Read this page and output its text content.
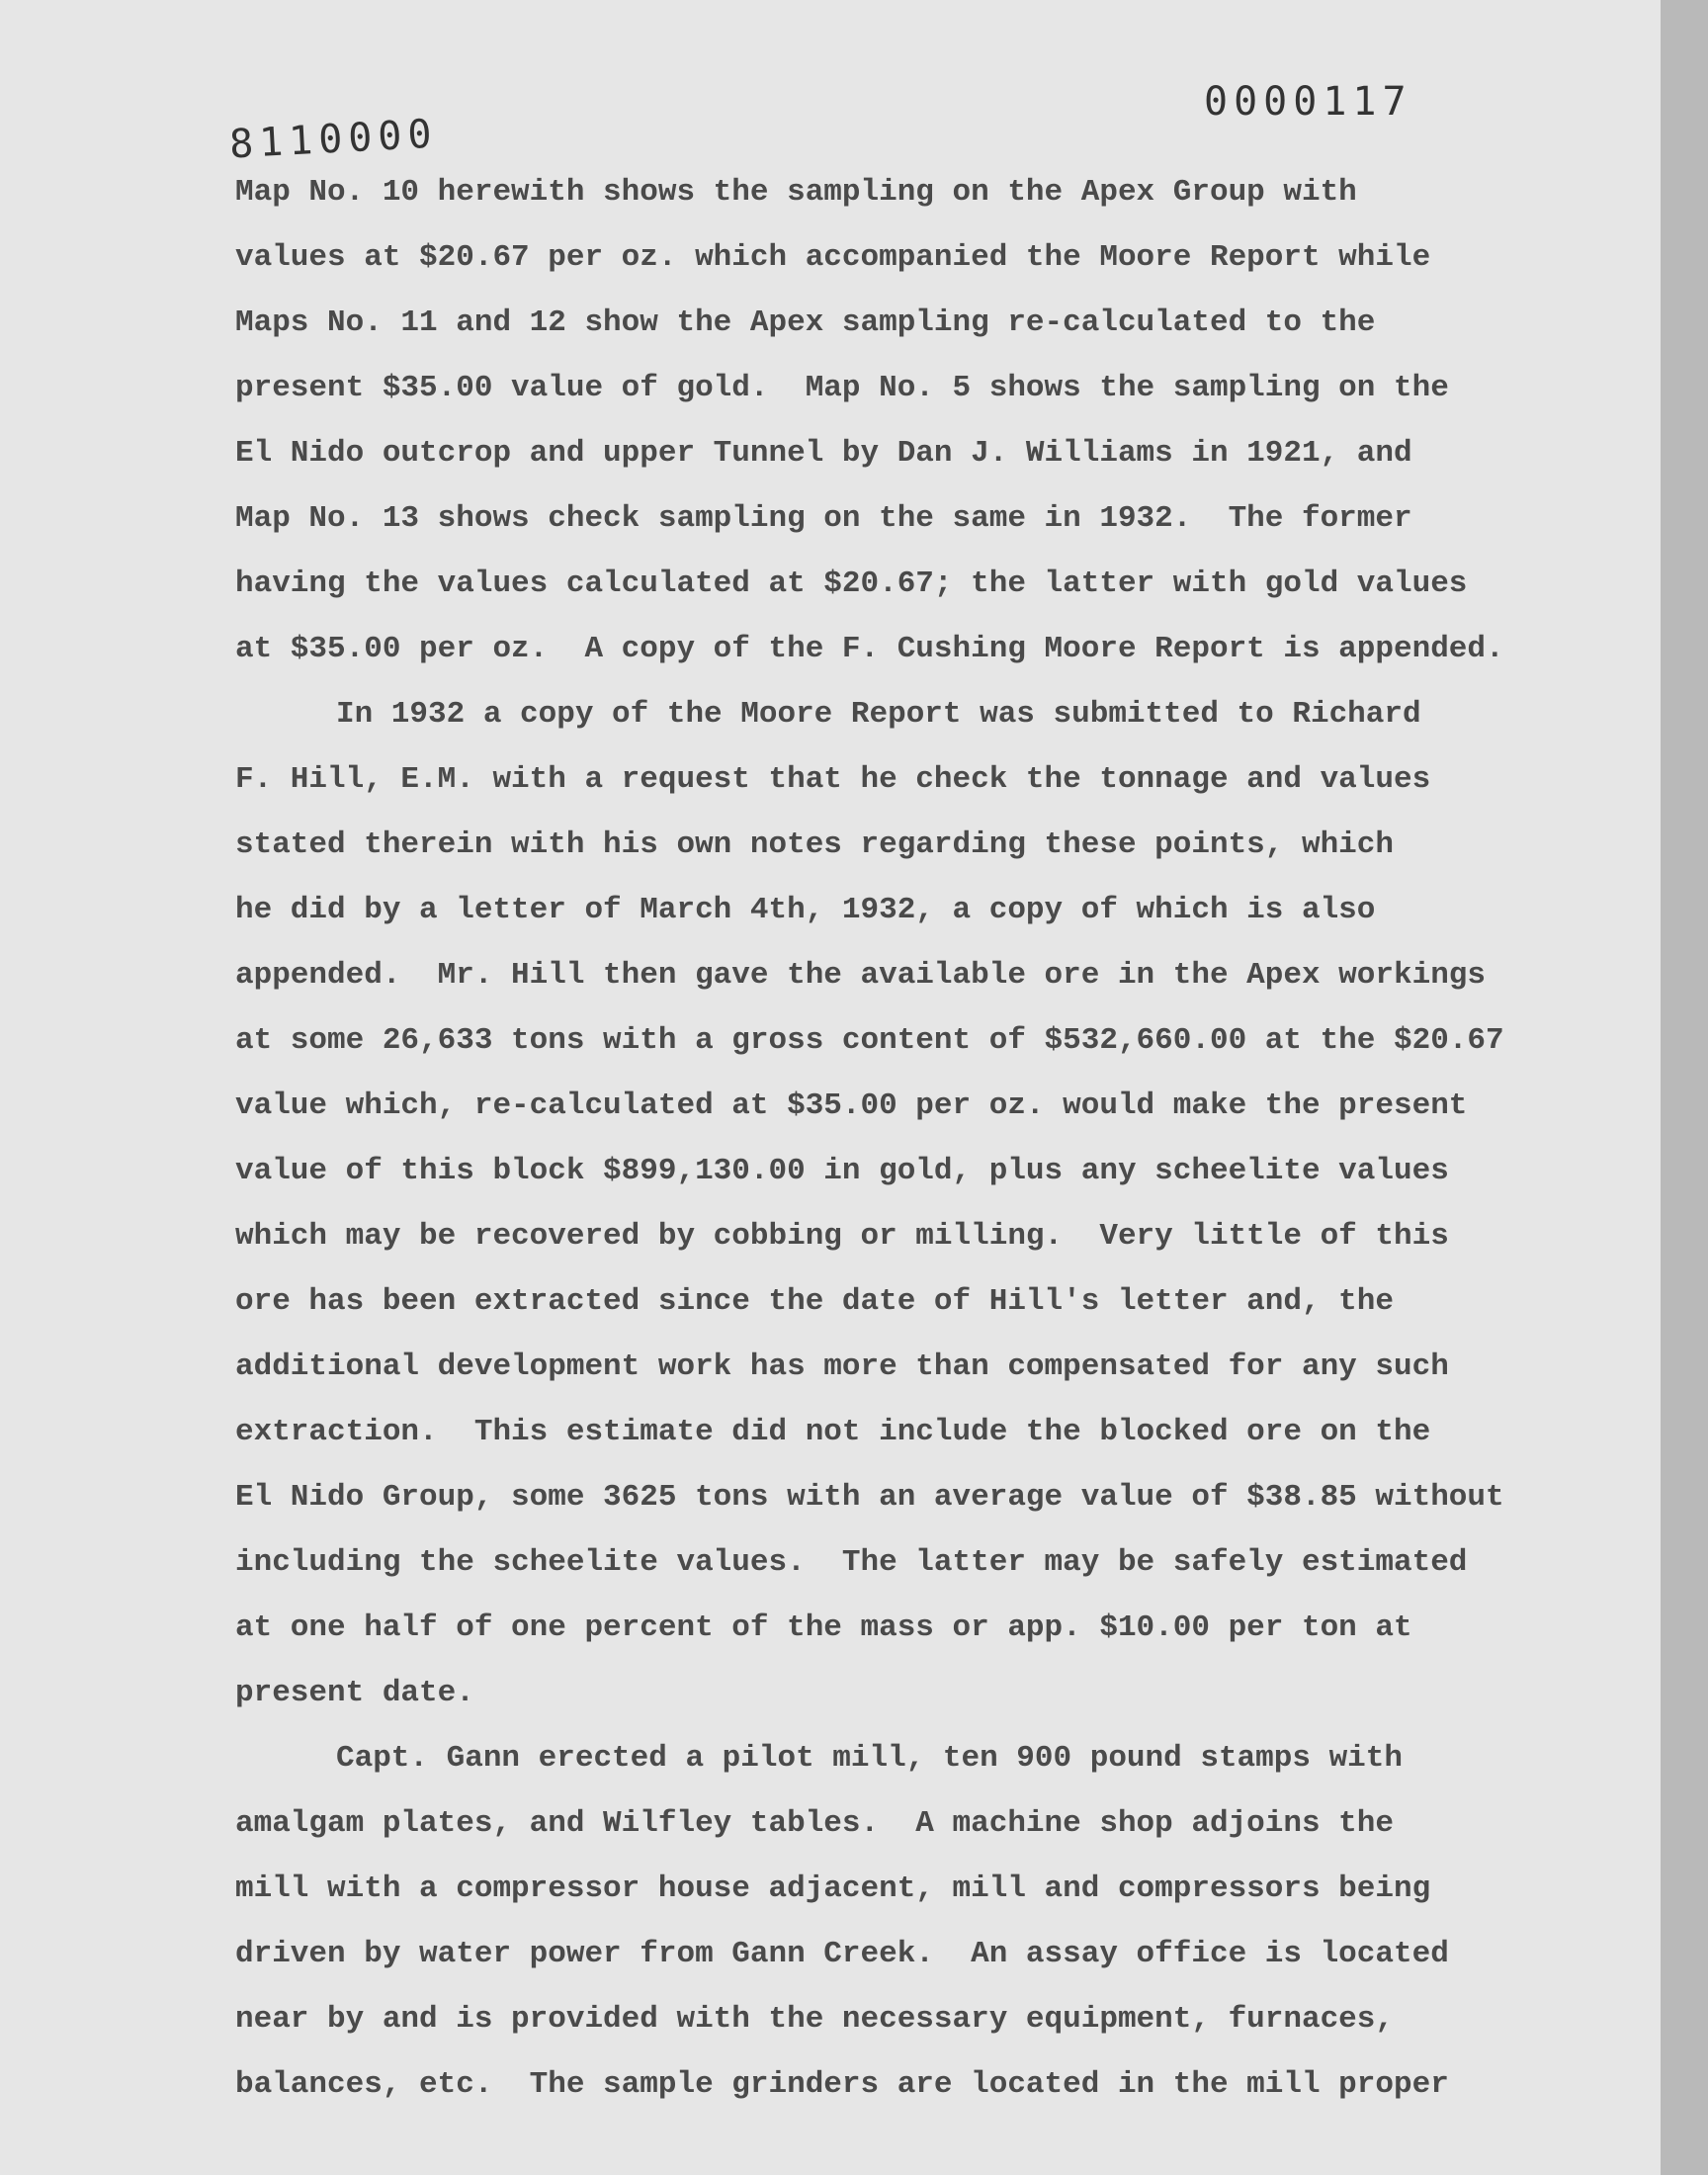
8110000
0000117
Map No. 10 herewith shows the sampling on the Apex Group with
values at $20.67 per oz. which accompanied the Moore Report while
Maps No. 11 and 12 show the Apex sampling re-calculated to the
present $35.00 value of gold.  Map No. 5 shows the sampling on the
El Nido outcrop and upper Tunnel by Dan J. Williams in 1921, and
Map No. 13 shows check sampling on the same in 1932.  The former
having the values calculated at $20.67; the latter with gold values
at $35.00 per oz.  A copy of the F. Cushing Moore Report is appended.
In 1932 a copy of the Moore Report was submitted to Richard
F. Hill, E.M. with a request that he check the tonnage and values
stated therein with his own notes regarding these points, which
he did by a letter of March 4th, 1932, a copy of which is also
appended.  Mr. Hill then gave the available ore in the Apex workings
at some 26,633 tons with a gross content of $532,660.00 at the $20.67
value which, re-calculated at $35.00 per oz. would make the present
value of this block $899,130.00 in gold, plus any scheelite values
which may be recovered by cobbing or milling.  Very little of this
ore has been extracted since the date of Hill's letter and, the
additional development work has more than compensated for any such
extraction.  This estimate did not include the blocked ore on the
El Nido Group, some 3625 tons with an average value of $38.85 without
including the scheelite values.  The latter may be safely estimated
at one half of one percent of the mass or app. $10.00 per ton at
present date.
Capt. Gann erected a pilot mill, ten 900 pound stamps with
amalgam plates, and Wilfley tables.  A machine shop adjoins the
mill with a compressor house adjacent, mill and compressors being
driven by water power from Gann Creek.  An assay office is located
near by and is provided with the necessary equipment, furnaces,
balances, etc.  The sample grinders are located in the mill proper
